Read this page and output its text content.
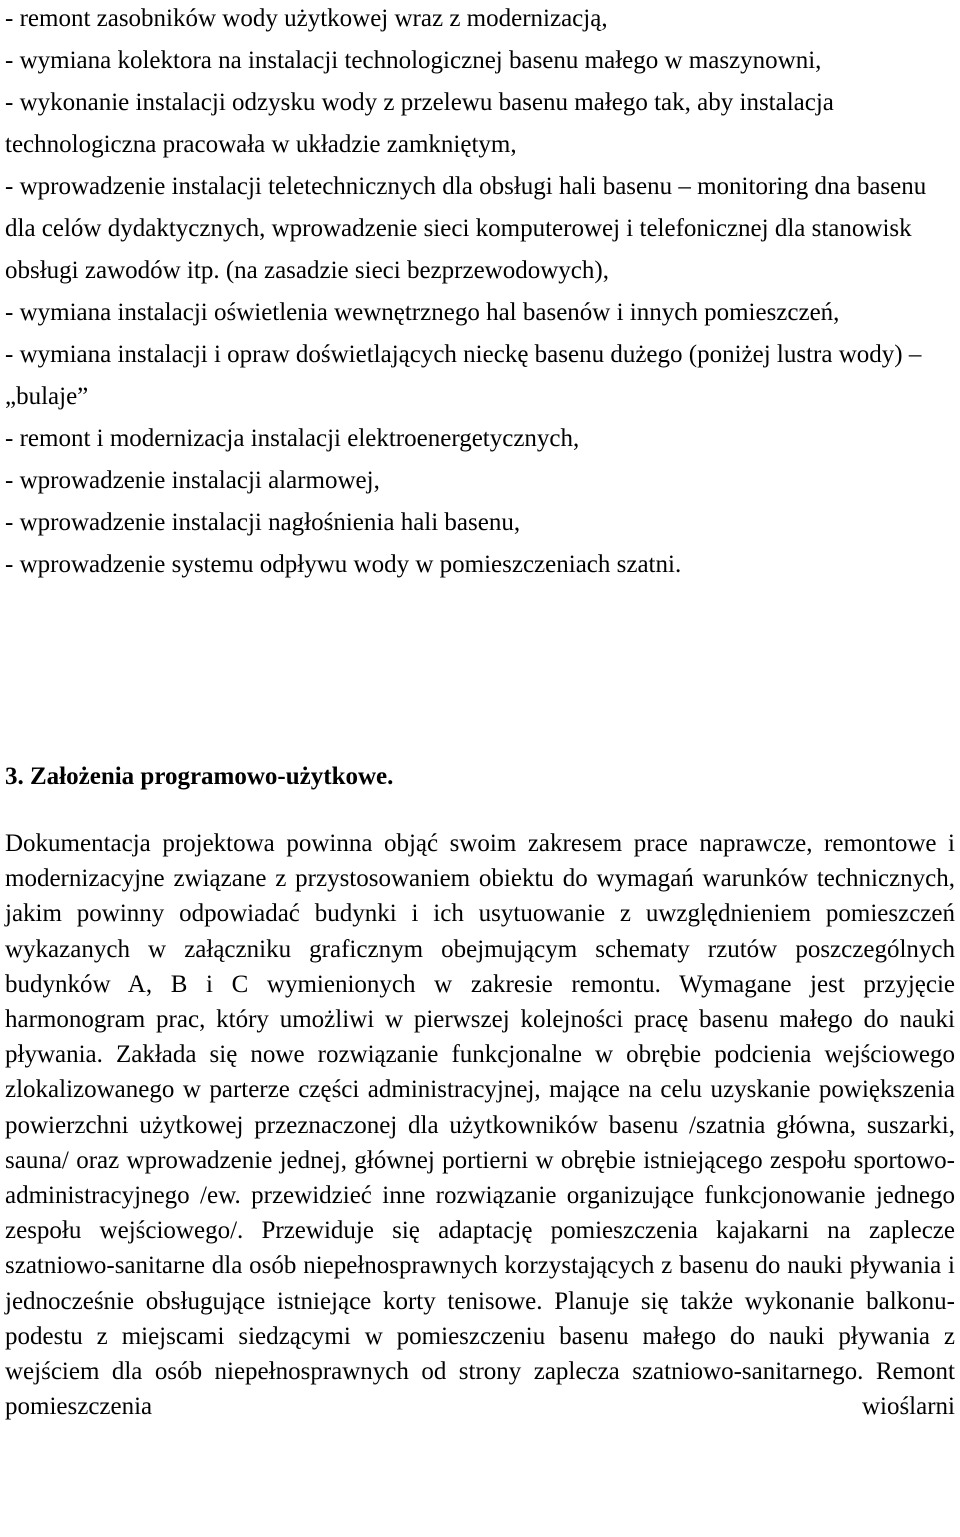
- remont zasobników wody użytkowej wraz z modernizacją,
- wymiana kolektora na instalacji technologicznej basenu małego w maszynowni,
- wykonanie instalacji odzysku wody z przelewu basenu małego tak, aby instalacja technologiczna pracowała w układzie zamkniętym,
- wprowadzenie instalacji teletechnicznych dla obsługi hali basenu – monitoring dna basenu dla celów dydaktycznych, wprowadzenie sieci komputerowej i telefonicznej dla stanowisk obsługi zawodów itp. (na zasadzie sieci bezprzewodowych),
- wymiana instalacji oświetlenia wewnętrznego hal basenów i innych pomieszczeń,
- wymiana instalacji i opraw doświetlających nieckę basenu dużego (poniżej lustra wody) – „bulaje”
- remont i modernizacja instalacji elektroenergetycznych,
- wprowadzenie instalacji alarmowej,
- wprowadzenie instalacji nagłośnienia hali basenu,
- wprowadzenie systemu odpływu wody w pomieszczeniach szatni.
3. Założenia programowo-użytkowe.

Dokumentacja projektowa powinna objąć swoim zakresem prace naprawcze, remontowe i modernizacyjne związane z przystosowaniem obiektu do wymagań warunków technicznych, jakim powinny odpowiadać budynki i ich usytuowanie z uwzględnieniem pomieszczeń wykazanych w załączniku graficznym obejmującym schematy rzutów poszczególnych budynków A, B i C wymienionych w zakresie remontu. Wymagane jest przyjęcie harmonogram prac, który umożliwi w pierwszej kolejności pracę basenu małego do nauki pływania. Zakłada się nowe rozwiązanie funkcjonalne w obrębie podcienia wejściowego zlokalizowanego w parterze części administracyjnej, mające na celu uzyskanie powiększenia powierzchni użytkowej przeznaczonej dla użytkowników basenu /szatnia główna, suszarki, sauna/ oraz wprowadzenie jednej, głównej portierni w obrębie istniejącego zespołu sportowo-administracyjnego /ew. przewidzieć inne rozwiązanie organizujące funkcjonowanie jednego zespołu wejściowego/. Przewiduje się adaptację pomieszczenia kajakarni na zaplecze szatniowo-sanitarne dla osób niepełnosprawnych korzystających z basenu do nauki pływania i jednocześnie obsługujące istniejące korty tenisowe. Planuje się także wykonanie balkonu-podestu z miejscami siedzącymi w pomieszczeniu basenu małego do nauki pływania z wejściem dla osób niepełnosprawnych od strony zaplecza szatniowo-sanitarnego. Remont pomieszczenia wioślarni
